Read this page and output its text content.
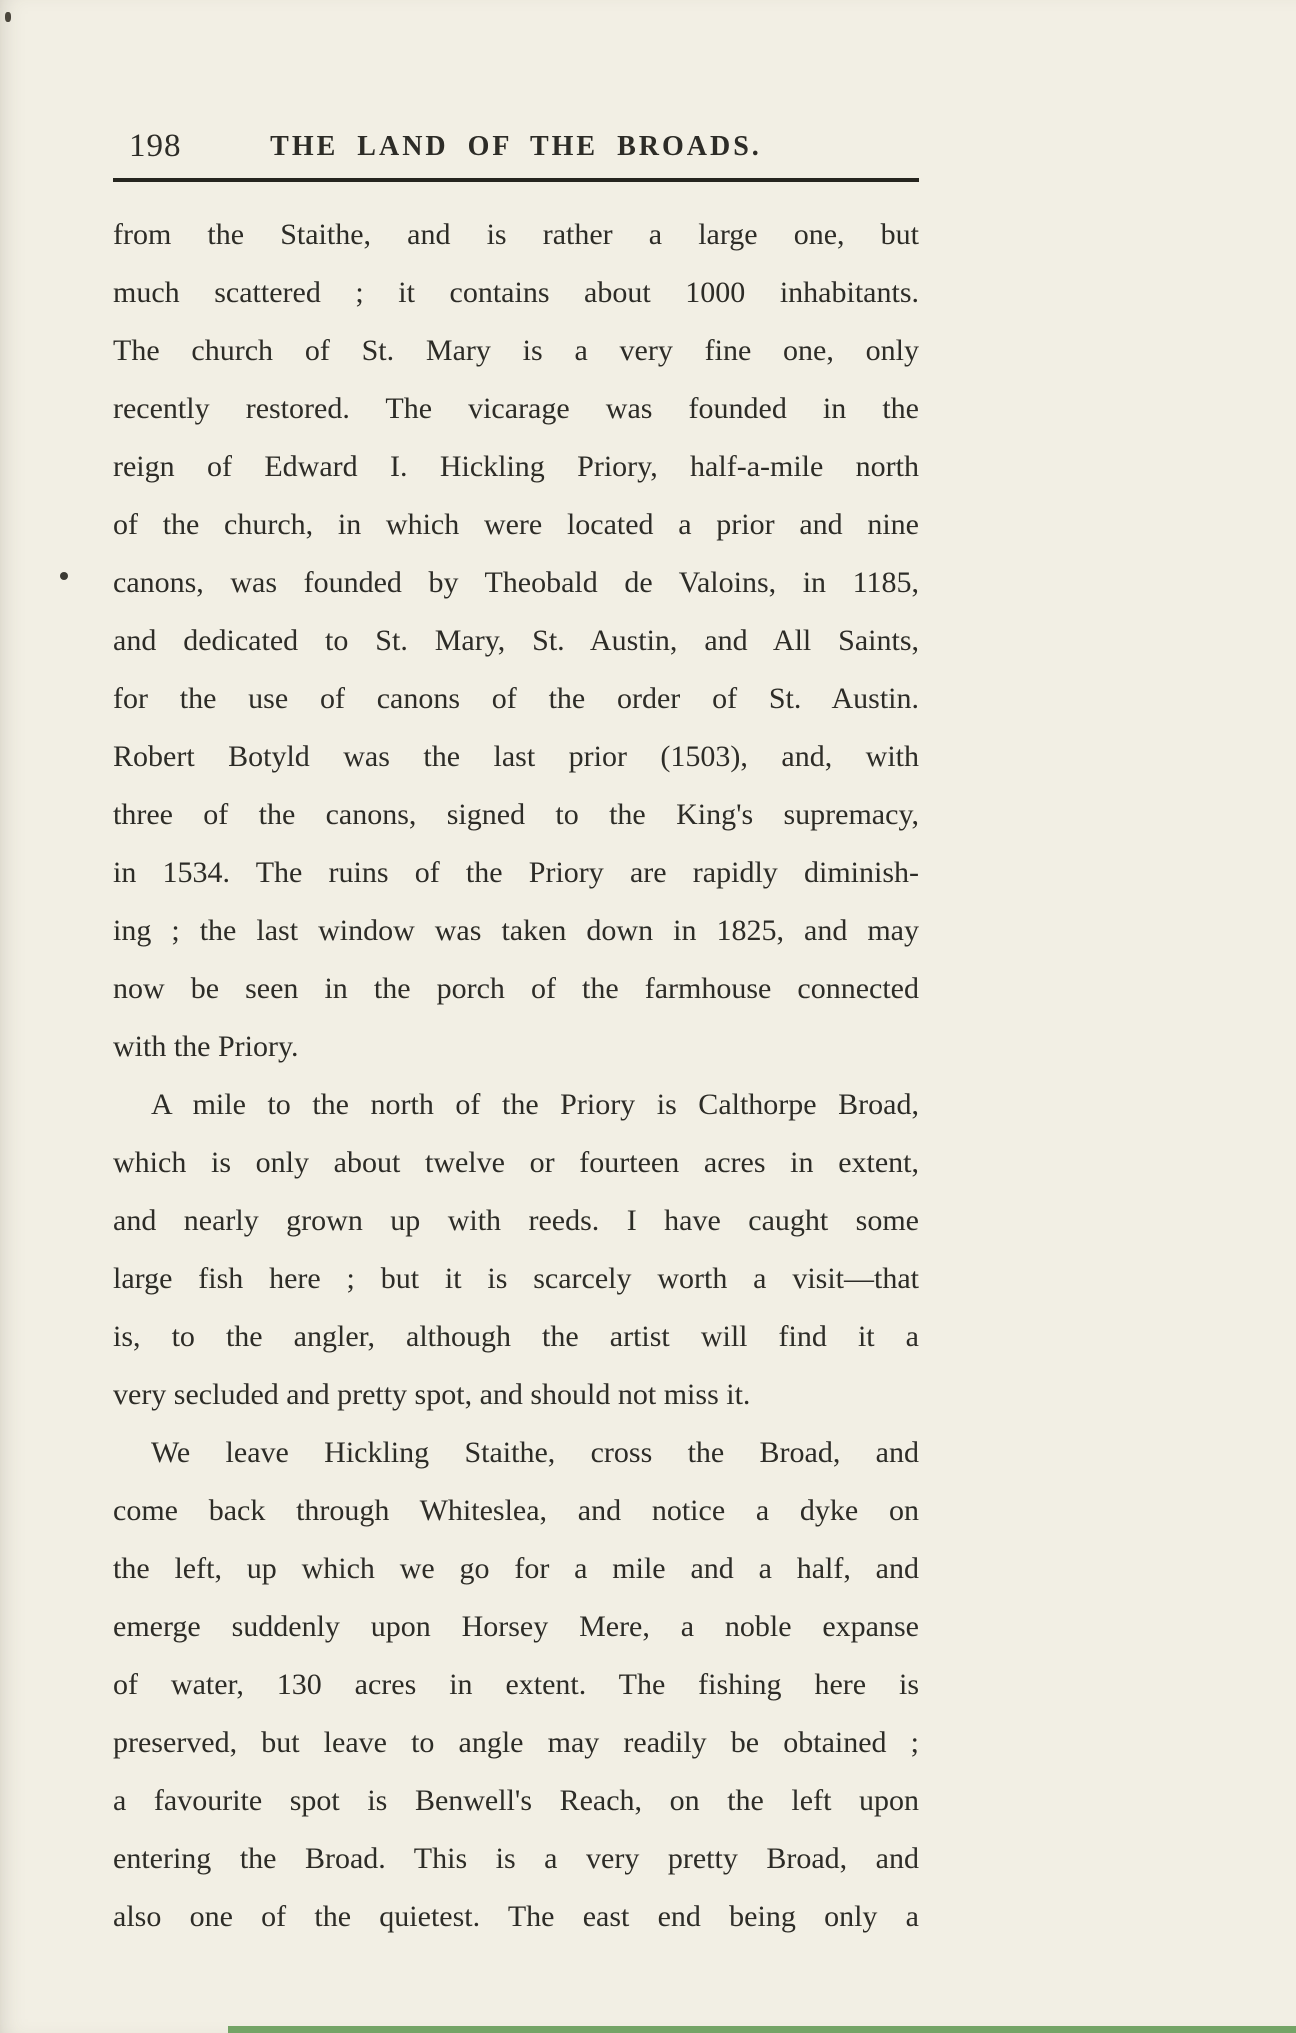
198	THE LAND OF THE BROADS.
from the Staithe, and is rather a large one, but
much scattered ; it contains about 1000 inhabitants.
The church of St. Mary is a very fine one, only
recently restored. The vicarage was founded in the
reign of Edward I. Hickling Priory, half-a-mile north
of the church, in which were located a prior and nine
canons, was founded by Theobald de Valoins, in 1185,
and dedicated to St. Mary, St. Austin, and All Saints,
for the use of canons of the order of St. Austin.
Robert Botyld was the last prior (1503), and, with
three of the canons, signed to the King's supremacy,
in 1534. The ruins of the Priory are rapidly diminish-
ing ; the last window was taken down in 1825, and may
now be seen in the porch of the farmhouse connected
with the Priory.
A mile to the north of the Priory is Calthorpe Broad,
which is only about twelve or fourteen acres in extent,
and nearly grown up with reeds. I have caught some
large fish here ; but it is scarcely worth a visit—that
is, to the angler, although the artist will find it a
very secluded and pretty spot, and should not miss it.
We leave Hickling Staithe, cross the Broad, and
come back through Whiteslea, and notice a dyke on
the left, up which we go for a mile and a half, and
emerge suddenly upon Horsey Mere, a noble expanse
of water, 130 acres in extent. The fishing here is
preserved, but leave to angle may readily be obtained ;
a favourite spot is Benwell's Reach, on the left upon
entering the Broad. This is a very pretty Broad, and
also one of the quietest. The east end being only a
